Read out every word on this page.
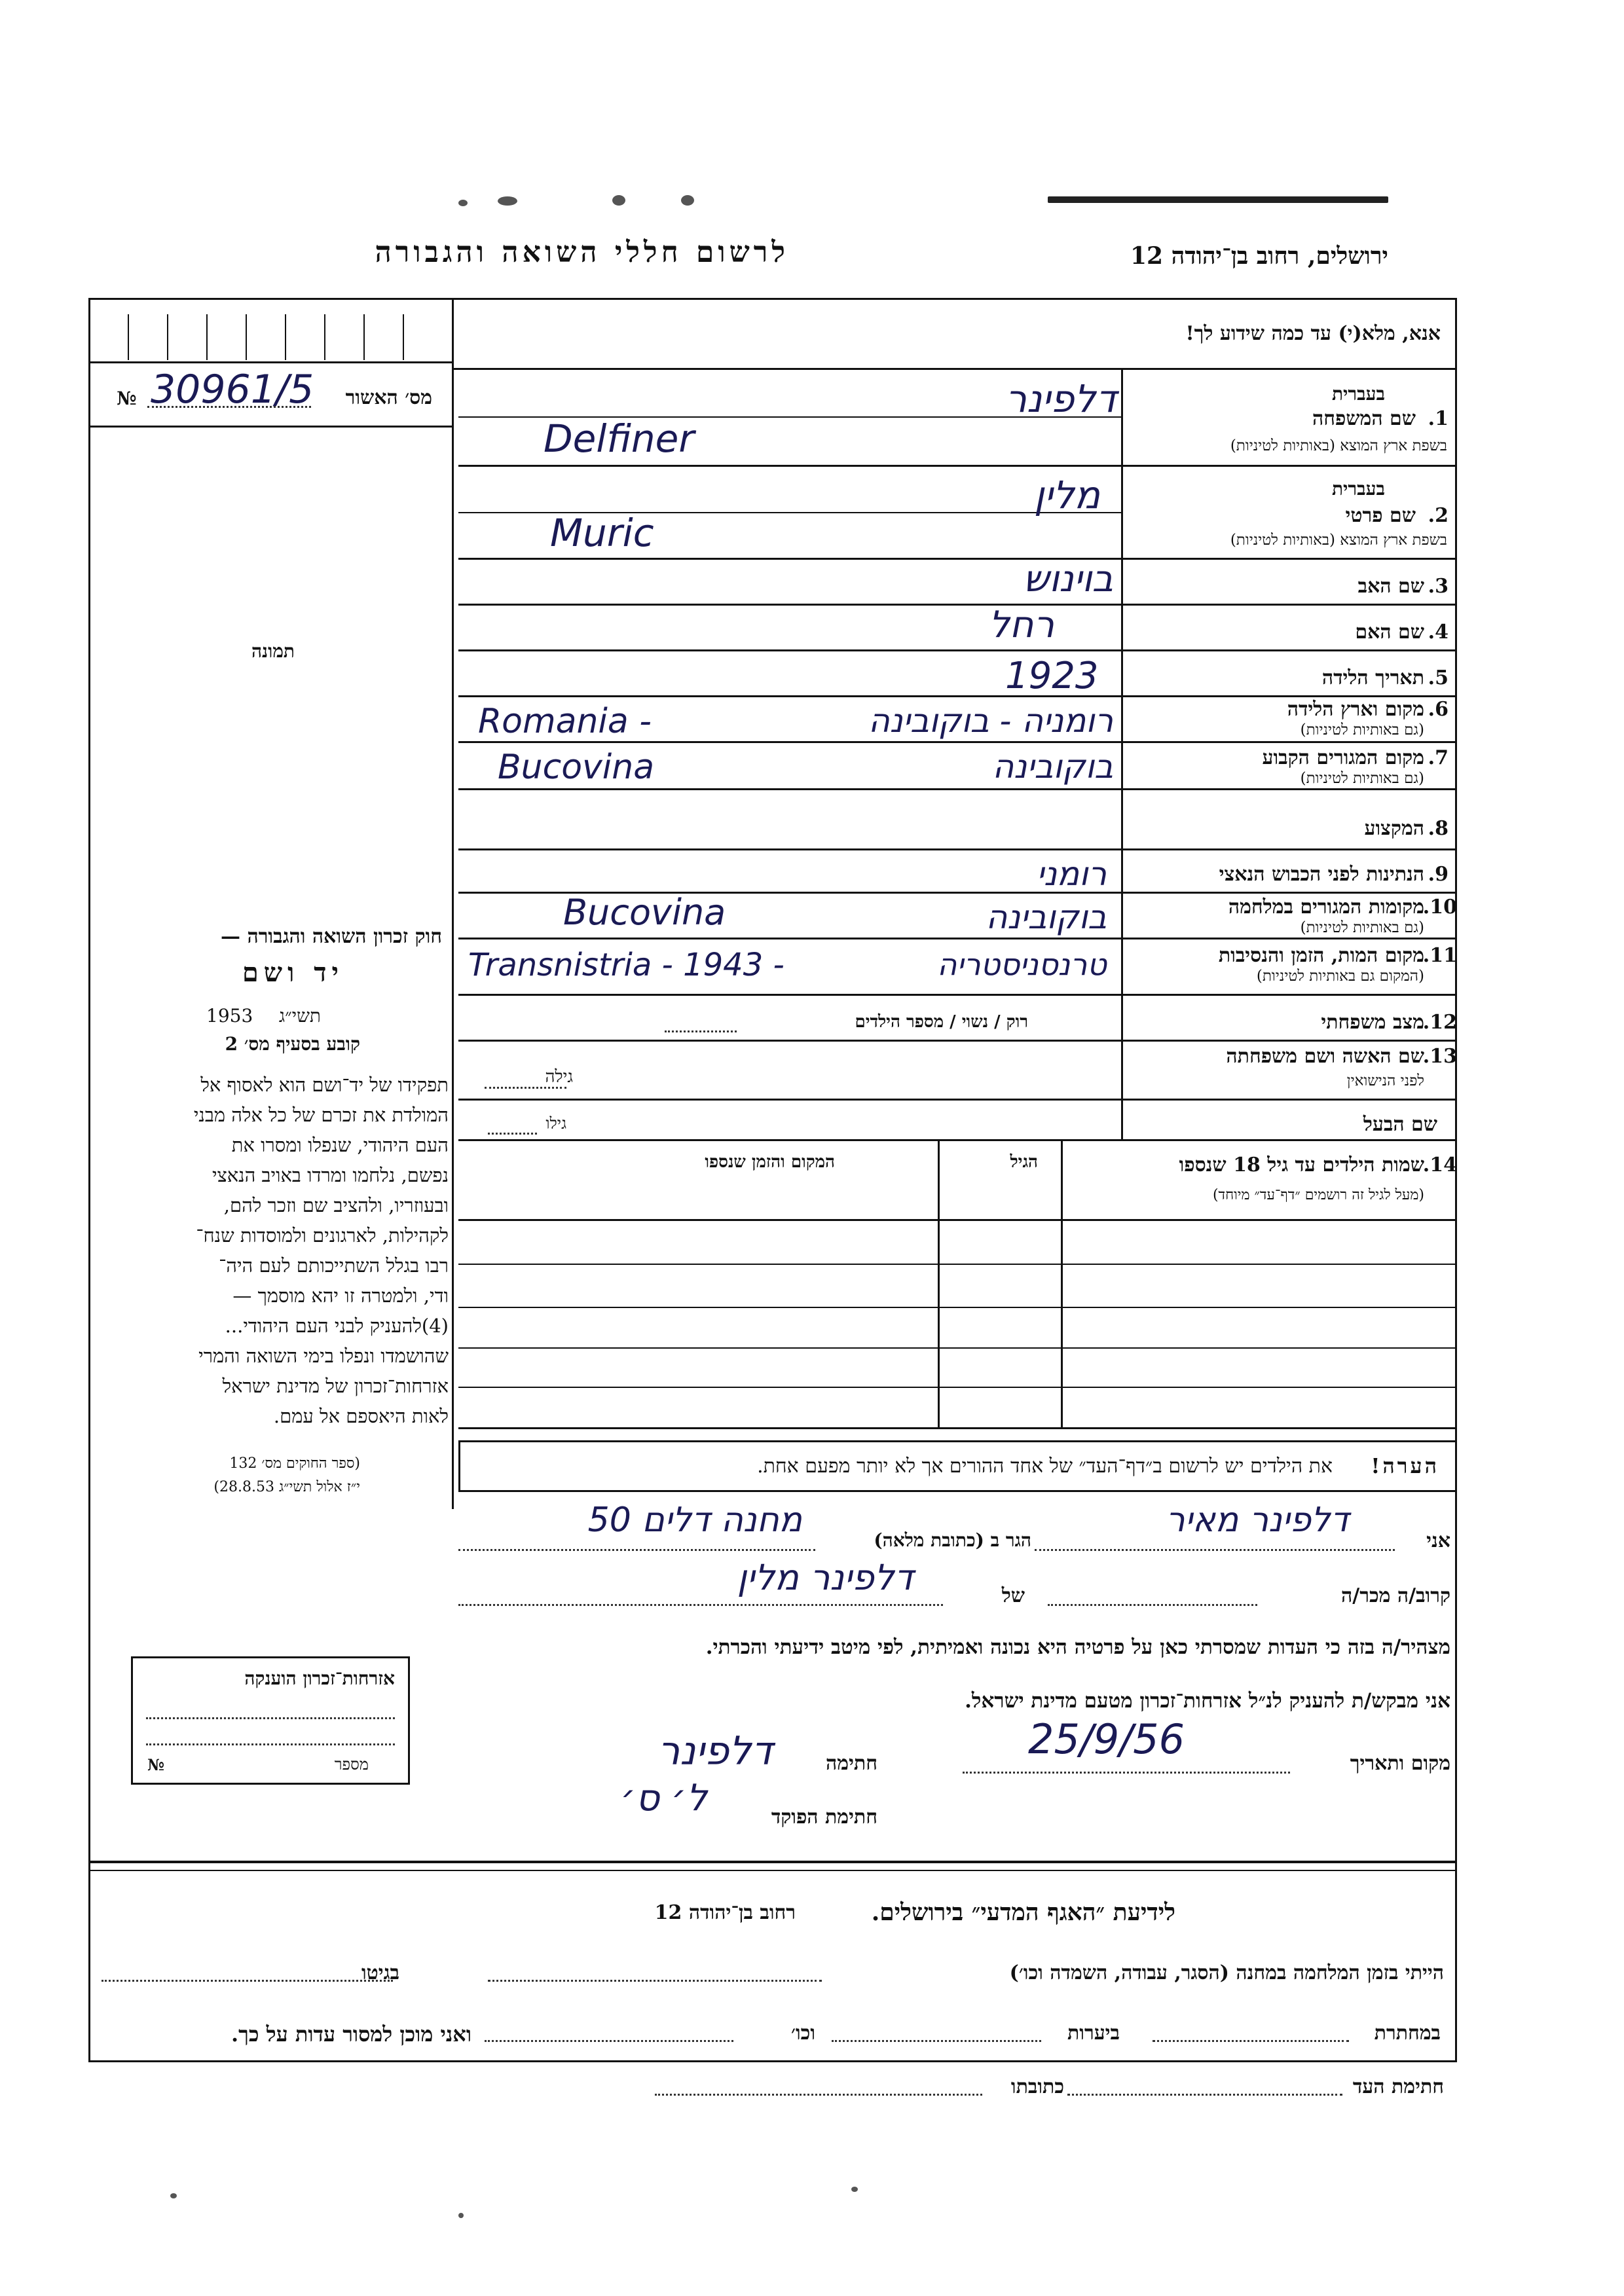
ירושלים, רחוב בן־יהודה 12
לרשום חללי השואה והגבורה
№ 30961/5 מס׳ האשור
תמונה
חוק זכרון השואה והגבורה —
יד ושם
תשי״ג
1953
קובע בסעיף מס׳ 2
תפקידו של יד־ושם הוא לאסוף אל
המולדת את זכרם של כל אלה מבני
העם היהודי, שנפלו ומסרו את
נפשם, נלחמו ומרדו באויב הנאצי
ובעוזריו, ולהציב שם וזכר להם,
לקהילות, לארגונים ולמוסדות שנח־
רבו בגלל השתייכותם לעם היה־
ודי, ולמטרה זו יהא מוסמך —
(4)להעניק לבני העם היהודי...
שהושמדו ונפלו בימי השואה והמרי
אזרחות־זכרון של מדינת ישראל
לאות היאספם אל עמם.
(ספר החוקים מס׳ 132
י״ז אלול תשי״ג 28.8.53)
אנא, מלא(י) עד כמה שידוע לך!
בעברית
1.
שם המשפחה
בשפת ארץ המוצא (באותיות לטיניות)
בעברית
2.
שם פרטי
בשפת ארץ המוצא (באותיות לטיניות)
3.
שם האב
4.
שם האם
5.
תאריך הלידה
6.
מקום וארץ הלידה
(גם באותיות לטיניות)
7.
מקום המגורים הקבוע
(גם באותיות לטיניות)
8.
המקצוע
9.
הנתינות לפני הכבוש הנאצי
10.
מקומות המגורים במלחמה
(גם באותיות לטיניות)
11.
מקום המות, הזמן והנסיבות
(המקום גם באותיות לטיניות)
12.
מצב משפחתי
רוק / נשוי / מספר הילדים
13.
שם האשה ושם משפחתה
לפני הנישואין
גילה
שם הבעל
גילו
14.
שמות הילדים עד גיל 18 שנספו
(מעל לגיל זה רושמים ״דף־עד״ מיוחד)
הגיל
המקום והזמן שנספו
הערה!
את הילדים יש לרשום ב״דף־העד״ של אחד ההורים אך לא יותר מפעם אחת.
דלפינר
Delfiner
מלין
Muric
בוינוש
רחל
1923
רומניה - בוקובינה
Romania -
בוקובינה
Bucovina
רומני
בוקובינה
Bucovina
טרנסניסטריה
Transnistria - 1943 -
אני
דלפינר מאיר
הגר ב (כתובת מלאה)
מחנה דלים 50
קרוב/ה מכר/ה
של
דלפינר מלין
מצהיר/ה בזה כי העדות שמסרתי כאן על פרטיה היא נכונה ואמיתית, לפי מיטב ידיעתי והכרתי.
אני מבקש/ת להעניק לנ״ל אזרחות־זכרון מטעם מדינת ישראל.
מקום ותאריך
25/9/56
חתימה
דלפינר
חתימת הפוקד
ל׳ ס׳
אזרחות־זכרון הוענקה
№	מספר
לידיעת ״האגף המדעי״ בירושלים.
רחוב בן־יהודה 12
הייתי בזמן המלחמה במחנה (הסגר, עבודה, השמדה וכו׳)
בגיטו
במחתרת
ביערות
וכו׳
ואני מוכן למסור עדות על כך.
חתימת העד
כתובתו
